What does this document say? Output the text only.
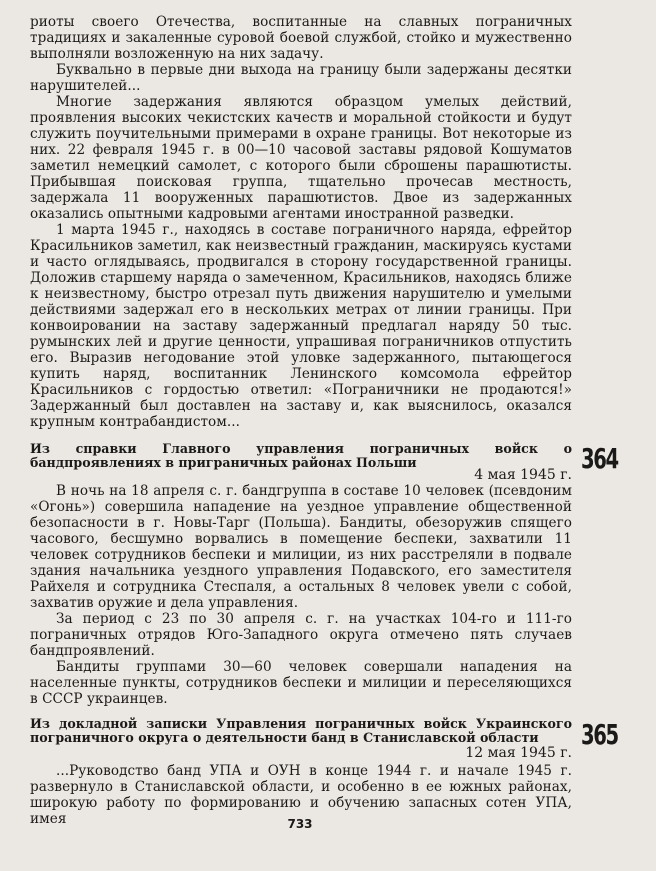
риоты своего Отечества, воспитанные на славных пограничных традициях и закаленные суровой боевой службой, стойко и мужественно выполняли возложенную на них задачу.

Буквально в первые дни выхода на границу были задержаны десятки нарушителей...

Многие задержания являются образцом умелых действий, проявления высоких чекистских качеств и моральной стойкости и будут служить поучительными примерами в охране границы. Вот некоторые из них. 22 февраля 1945 г. в 00—10 часовой заставы рядовой Кошуматов заметил немецкий самолет, с которого были сброшены парашютисты. Прибывшая поисковая группа, тщательно прочесав местность, задержала 11 вооруженных парашютистов. Двое из задержанных оказались опытными кадровыми агентами иностранной разведки.

1 марта 1945 г., находясь в составе пограничного наряда, ефрейтор Красильников заметил, как неизвестный гражданин, маскируясь кустами и часто оглядываясь, продвигался в сторону государственной границы. Доложив старшему наряда о замеченном, Красильников, находясь ближе к неизвестному, быстро отрезал путь движения нарушителю и умелыми действиями задержал его в нескольких метрах от линии границы. При конвоировании на заставу задержанный предлагал наряду 50 тыс. румынских лей и другие ценности, упрашивая пограничников отпустить его. Выразив негодование этой уловке задержанного, пытающегося купить наряд, воспитанник Ленинского комсомола ефрейтор Красильников с гордостью ответил: «Пограничники не продаются!» Задержанный был доставлен на заставу и, как выяснилось, оказался крупным контрабандистом...

Из справки Главного управления пограничных войск о бандпроявлениях в приграничных районах Польши	364

4 мая 1945 г.

В ночь на 18 апреля с. г. бандгруппа в составе 10 человек (псевдоним «Огонь») совершила нападение на уездное управление общественной безопасности в г. Новы-Тарг (Польша). Бандиты, обезоружив спящего часового, бесшумно ворвались в помещение беспеки, захватили 11 человек сотрудников беспеки и милиции, из них расстреляли в подвале здания начальника уездного управления Подавского, его заместителя Райхеля и сотрудника Стеспаля, а остальных 8 человек увели с собой, захватив оружие и дела управления.

За период с 23 по 30 апреля с. г. на участках 104-го и 111-го пограничных отрядов Юго-Западного округа отмечено пять случаев бандпроявлений.

Бандиты группами 30—60 человек совершали нападения на населенные пункты, сотрудников беспеки и милиции и переселяющихся в СССР украинцев.

Из докладной записки Управления пограничных войск Украинского пограничного округа о деятельности банд в Станиславской области	365

12 мая 1945 г.

...Руководство банд УПА и ОУН в конце 1944 г. и начале 1945 г. развернуло в Станиславской области, и особенно в ее южных районах, широкую работу по формированию и обучению запасных сотен УПА, имея	733
